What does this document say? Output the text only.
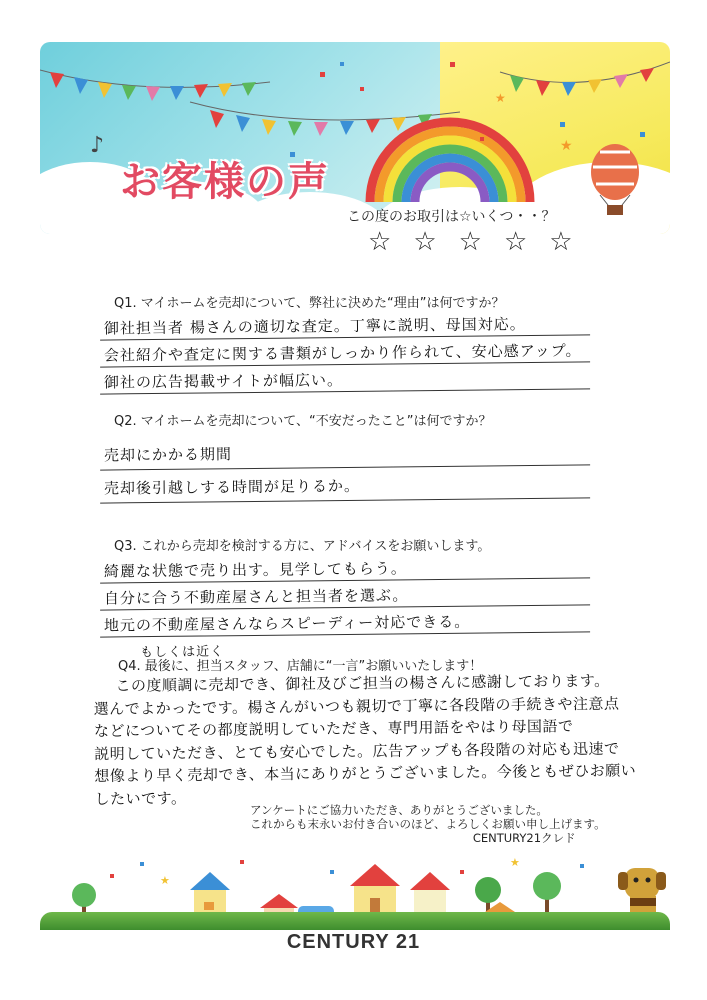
♪	★
★
お客様の声
この度のお取引は☆いくつ・・？
☆ ☆ ☆ ☆ ☆
Q1. マイホームを売却について、弊社に決めた“理由”は何ですか？
御社担当者 楊さんの適切な査定。丁寧に説明、母国対応。
会社紹介や査定に関する書類がしっかり作られて、安心感アップ。
御社の広告掲載サイトが幅広い。
Q2. マイホームを売却について、“不安だったこと”は何ですか？
売却にかかる期間
売却後引越しする時間が足りるか。
Q3. これから売却を検討する方に、アドバイスをお願いします。
綺麗な状態で売り出す。見学してもらう。
自分に合う不動産屋さんと担当者を選ぶ。
地元の不動産屋さんならスピーディー対応できる。
もしくは近く
Q4. 最後に、担当スタッフ、店舗に“一言”お願いいたします！
この度順調に売却でき、御社及びご担当の楊さんに感謝しております。
選んでよかったです。楊さんがいつも親切で丁寧に各段階の手続きや注意点
などについてその都度説明していただき、専門用語をやはり母国語で
説明していただき、とても安心でした。広告アップも各段階の対応も迅速で
想像より早く売却でき、本当にありがとうございました。今後ともぜひお願い
したいです。
アンケートにご協力いただき、ありがとうございました。
これからも末永いお付き合いのほど、よろしくお願い申し上げます。
CENTURY21クレド
★
★
CENTURY 21
